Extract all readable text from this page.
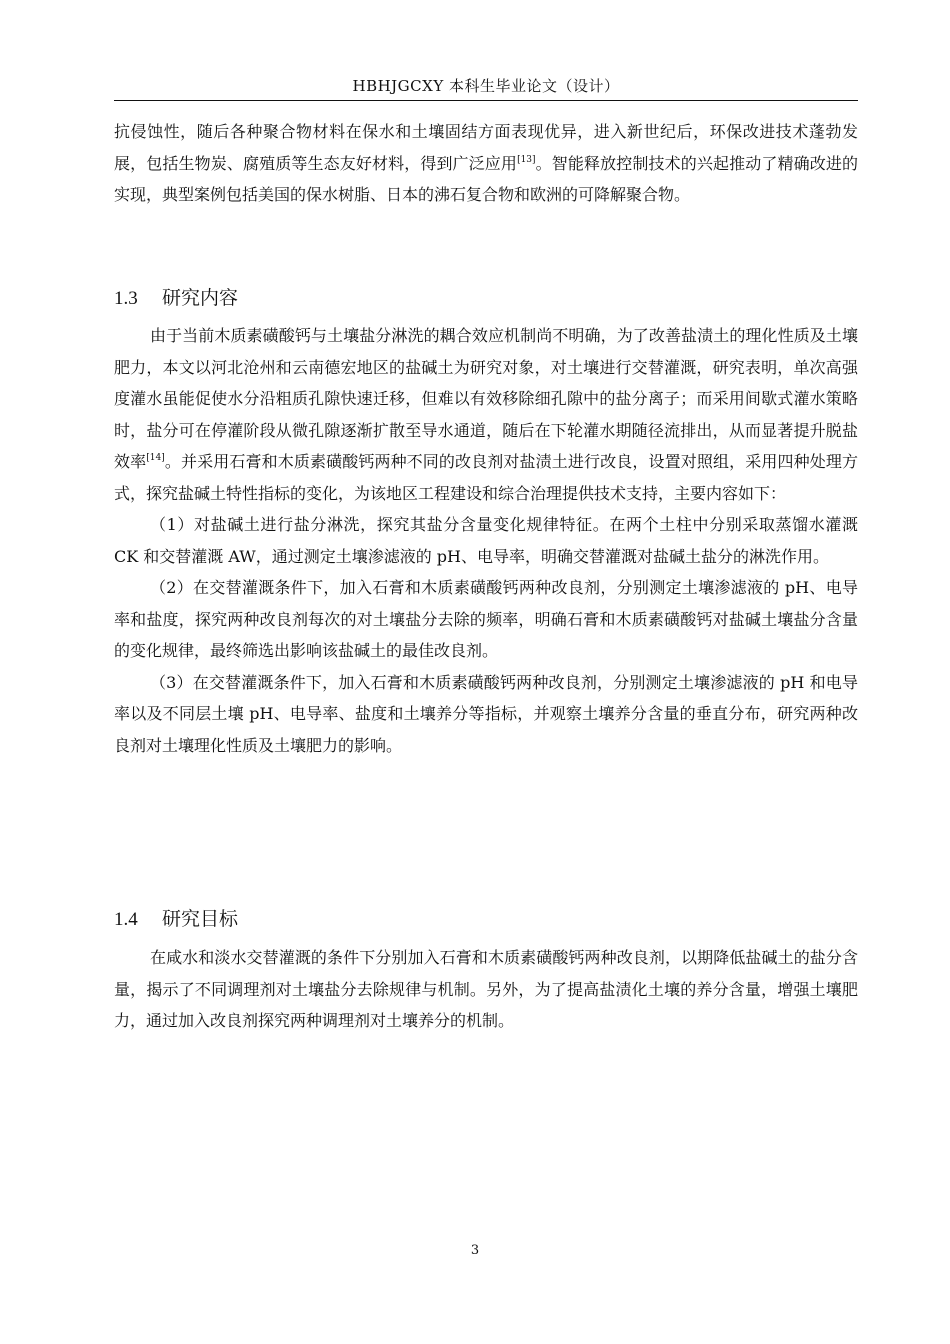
HBHJGCXY 本科生毕业论文（设计）

抗侵蚀性，随后各种聚合物材料在保水和土壤固结方面表现优异，进入新世纪后，环保改进技术蓬勃发展，包括生物炭、腐殖质等生态友好材料，得到广泛应用[13]。智能释放控制技术的兴起推动了精确改进的实现，典型案例包括美国的保水树脂、日本的沸石复合物和欧洲的可降解聚合物。

1.3 研究内容

由于当前木质素磺酸钙与土壤盐分淋洗的耦合效应机制尚不明确，为了改善盐渍土的理化性质及土壤肥力，本文以河北沧州和云南德宏地区的盐碱土为研究对象，对土壤进行交替灌溉，研究表明，单次高强度灌水虽能促使水分沿粗质孔隙快速迁移，但难以有效移除细孔隙中的盐分离子；而采用间歇式灌水策略时，盐分可在停灌阶段从微孔隙逐渐扩散至导水通道，随后在下轮灌水期随径流排出，从而显著提升脱盐效率[14]。并采用石膏和木质素磺酸钙两种不同的改良剂对盐渍土进行改良，设置对照组，采用四种处理方式，探究盐碱土特性指标的变化，为该地区工程建设和综合治理提供技术支持，主要内容如下：

（1）对盐碱土进行盐分淋洗，探究其盐分含量变化规律特征。在两个土柱中分别采取蒸馏水灌溉 CK 和交替灌溉 AW，通过测定土壤渗滤液的 pH、电导率，明确交替灌溉对盐碱土盐分的淋洗作用。

（2）在交替灌溉条件下，加入石膏和木质素磺酸钙两种改良剂，分别测定土壤渗滤液的 pH、电导率和盐度，探究两种改良剂每次的对土壤盐分去除的频率，明确石膏和木质素磺酸钙对盐碱土壤盐分含量的变化规律，最终筛选出影响该盐碱土的最佳改良剂。

（3）在交替灌溉条件下，加入石膏和木质素磺酸钙两种改良剂，分别测定土壤渗滤液的 pH 和电导率以及不同层土壤 pH、电导率、盐度和土壤养分等指标，并观察土壤养分含量的垂直分布，研究两种改良剂对土壤理化性质及土壤肥力的影响。

1.4 研究目标

在咸水和淡水交替灌溉的条件下分别加入石膏和木质素磺酸钙两种改良剂，以期降低盐碱土的盐分含量，揭示了不同调理剂对土壤盐分去除规律与机制。另外，为了提高盐渍化土壤的养分含量，增强土壤肥力，通过加入改良剂探究两种调理剂对土壤养分的机制。

3
